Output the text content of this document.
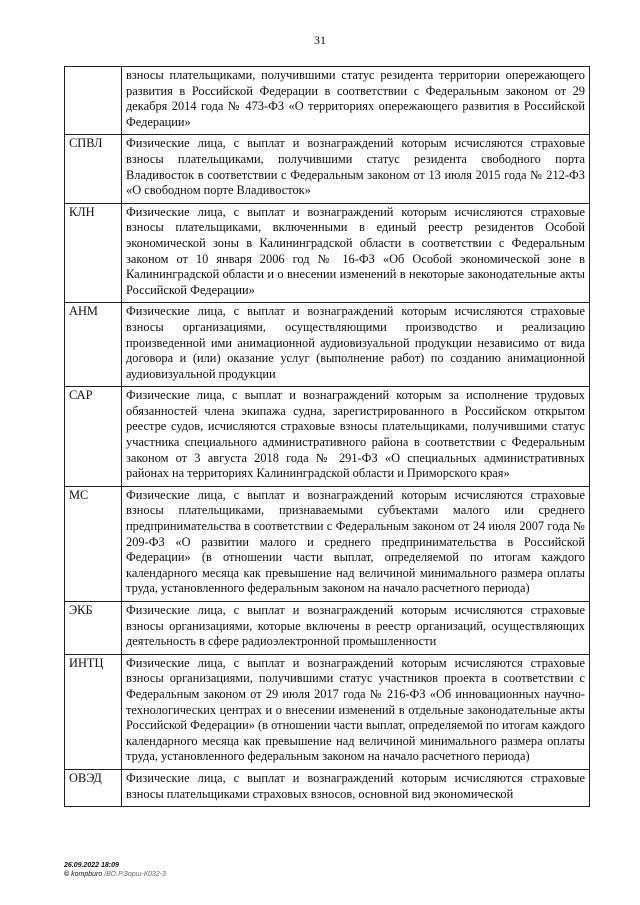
31
	взносы плательщиками, получившими статус резидента территории опережающего развития в Российской Федерации в соответствии с Федеральным законом от 29 декабря 2014 года № 473-ФЗ «О территориях опережающего развития в Российской Федерации»
СПВЛ	Физические лица, с выплат и вознаграждений которым исчисляются страховые взносы плательщиками, получившими статус резидента свободного порта Владивосток в соответствии с Федеральным законом от 13 июля 2015 года № 212-ФЗ «О свободном порте Владивосток»
КЛН	Физические лица, с выплат и вознаграждений которым исчисляются страховые взносы плательщиками, включенными в единый реестр резидентов Особой экономической зоны в Калининградской области в соответствии с Федеральным законом от 10 января 2006 год № 16-ФЗ «Об Особой экономической зоне в Калининградской области и о внесении изменений в некоторые законодательные акты Российской Федерации»
АНМ	Физические лица, с выплат и вознаграждений которым исчисляются страховые взносы организациями, осуществляющими производство и реализацию произведенной ими анимационной аудиовизуальной продукции независимо от вида договора и (или) оказание услуг (выполнение работ) по созданию анимационной аудиовизуальной продукции
САР	Физические лица, с выплат и вознаграждений которым за исполнение трудовых обязанностей члена экипажа судна, зарегистрированного в Российском открытом реестре судов, исчисляются страховые взносы плательщиками, получившими статус участника специального административного района в соответствии с Федеральным законом от 3 августа 2018 года № 291-ФЗ «О специальных административных районах на территориях Калининградской области и Приморского края»
МС	Физические лица, с выплат и вознаграждений которым исчисляются страховые взносы плательщиками, признаваемыми субъектами малого или среднего предпринимательства в соответствии с Федеральным законом от 24 июля 2007 года № 209-ФЗ «О развитии малого и среднего предпринимательства в Российской Федерации» (в отношении части выплат, определяемой по итогам каждого календарного месяца как превышение над величиной минимального размера оплаты труда, установленного федеральным законом на начало расчетного периода)
ЭКБ	Физические лица, с выплат и вознаграждений которым исчисляются страховые взносы организациями, которые включены в реестр организаций, осуществляющих деятельность в сфере радиоэлектронной промышленности
ИНТЦ	Физические лица, с выплат и вознаграждений которым исчисляются страховые взносы организациями, получившими статус участников проекта в соответствии с Федеральным законом от 29 июля 2017 года № 216-ФЗ «Об инновационных научно-технологических центрах и о внесении изменений в отдельные законодательные акты Российской Федерации» (в отношении части выплат, определяемой по итогам каждого календарного месяца как превышение над величиной минимального размера оплаты труда, установленного федеральным законом на начало расчетного периода)
ОВЭД	Физические лица, с выплат и вознаграждений которым исчисляются страховые взносы плательщиками страховых взносов, основной вид экономической
26.09.2022 18:09
© kompburo /ВО.Р.Зорш-К032-3
